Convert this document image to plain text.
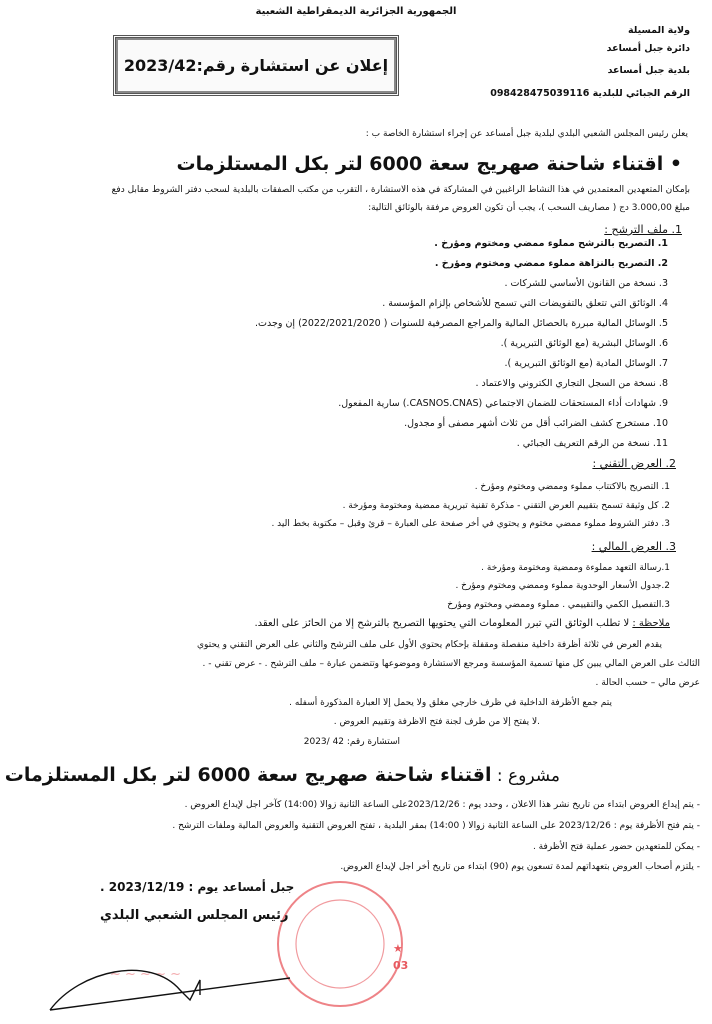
الجمهورية الجزائرية الديمقراطية الشعبية
ولاية المسيلة
دائرة جبل أمساعد
بلدية جبل أمساعد
الرقم الجبائي للبلدية 098428475039116
إعلان عن استشارة رقم:2023/42
يعلن رئيس المجلس الشعبي البلدي لبلدية جبل أمساعد عن إجراء استشارة الخاصة ب :
• اقتناء شاحنة صهريج سعة 6000 لتر بكل المستلزمات
بإمكان المتعهدين المعتمدين في هذا النشاط الراغبين في المشاركة في هذه الاستشارة ، التقرب من مكتب الصفقات بالبلدية لسحب دفتر الشروط مقابل دفع
مبلغ 3.000,00 دج ( مصاريف السحب )، يجب أن تكون العروض مرفقة بالوثائق التالية:
1. ملف الترشح :
1. التصريح بالترشح مملوء ممضي ومختوم ومؤرخ .
2. التصريح بالنزاهة مملوء ممضي ومختوم ومؤرخ .
3. نسخة من القانون الأساسي للشركات .
4. الوثائق التي تتعلق بالتفويضات التي تسمح للأشخاص بإلزام المؤسسة .
5. الوسائل المالية مبررة بالحصائل المالية والمراجع المصرفية للسنوات ( 2022/2021/2020) إن وجدت.
6. الوسائل البشرية (مع الوثائق التبريرية ).
7. الوسائل المادية (مع الوثائق التبريرية ).
8. نسخة من السجل التجاري الكتروني والاعتماد .
9. شهادات أداء المستحقات للضمان الاجتماعي (CASNOS.CNAS.) سارية المفعول.
10. مستخرج كشف الضرائب أقل من ثلاث أشهر مصفى أو مجدول.
11. نسخة من الرقم التعريف الجبائي .
2. العرض التقني :
1. التصريح بالاكتتاب مملوء وممضي ومختوم ومؤرخ .
2. كل وثيقة تسمح بتقييم العرض التقني - مذكرة تقنية تبريرية ممضية ومختومة ومؤرخة .
3. دفتر الشروط مملوء ممضي مختوم و يحتوي في أخر صفحة على العبارة – قرئ وقبل – مكتوبة بخط اليد .
3. العرض المالي :
1.رسالة التعهد مملوءة وممضية ومختومة ومؤرخة .
2.جدول الأسعار الوحدوية مملوء وممضي ومختوم ومؤرخ .
3.التفصيل الكمي والتقييمي . مملوء وممضي ومختوم ومؤرخ
ملاحظة : لا تطلب الوثائق التي تبرر المعلومات التي يحتويها التصريح بالترشح إلا من الحائز على العقد.
يقدم العرض في ثلاثة أظرفة داخلية منفصلة ومقفلة بإحكام يحتوي الأول على ملف الترشح والثاني على العرض التقني و يحتوي
الثالث على العرض المالي يبين كل منها تسمية المؤسسة ومرجع الاستشارة وموضوعها وتتضمن عبارة – ملف الترشح . - عرض تقني - .
عرض مالي – حسب الحالة .
يتم جمع الأظرفة الداخلية في ظرف خارجي مغلق ولا يحمل إلا العبارة المذكورة أسفله .
.لا يفتح إلا من طرف لجنة فتح الاظرفة وتقييم العروض .
استشارة رقم: 42 /2023
مشروع : اقتناء شاحنة صهريج سعة 6000 لتر بكل المستلزمات
- يتم إيداع العروض ابتداء من تاريخ نشر هذا الاعلان ، وحدد يوم : 2023/12/26على الساعة الثانية زوالا (14:00) كآخر اجل لإيداع العروض .
- يتم فتح الأظرفة يوم : 2023/12/26 على الساعة الثانية زوالا ( 14:00) بمقر البلدية ، تفتح العروض التقنية والعروض المالية وملفات الترشح .
- يمكن للمتعهدين حضور عملية فتح الأظرفة .
- يلتزم أصحاب العروض بتعهداتهم لمدة تسعون يوم (90) ابتداء من تاريخ أخر اجل لإيداع العروض.
03
★
جبل أمساعد يوم : 2023/12/19 .
رئيس المجلس الشعبي البلدي
~ ~ ~ ~ ~
